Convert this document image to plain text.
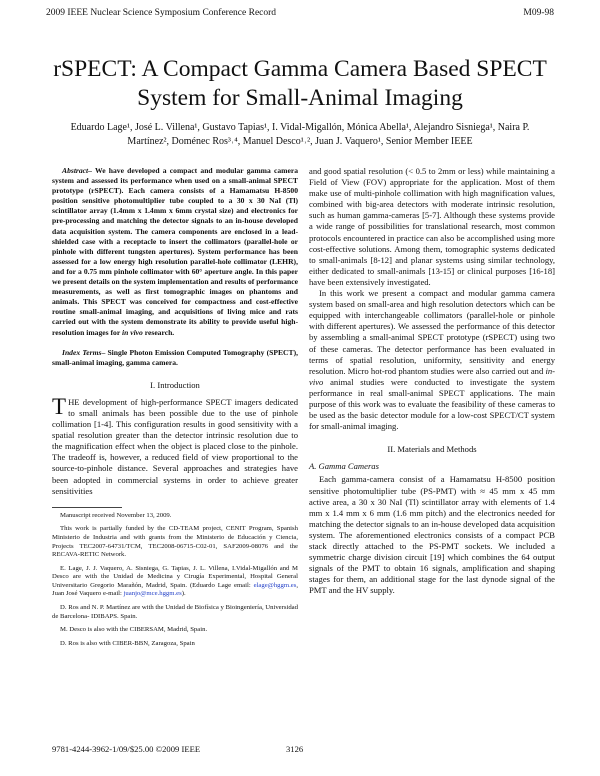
2009 IEEE Nuclear Science Symposium Conference Record	M09-98
rSPECT: A Compact Gamma Camera Based SPECT
System for Small-Animal Imaging
Eduardo Lage¹, José L. Villena¹, Gustavo Tapias¹, I. Vidal-Migallón, Mónica Abella¹, Alejandro Sisniega¹, Naira P.
Martínez², Doménec Ros³˒⁴, Manuel Desco¹˒², Juan J. Vaquero¹, Senior Member IEEE

Abstract– We have developed a compact and modular gamma camera system and assessed its performance when used on a small-animal SPECT prototype (rSPECT). Each camera consists of a Hamamatsu H-8500 position sensitive photomultiplier tube coupled to a 30 x 30 NaI (Tl) scintillator array (1.4mm x 1.4mm x 6mm crystal size) and electronics for pre-processing and matching the detector signals to an in-house developed data acquisition system. The camera components are enclosed in a lead-shielded case with a receptacle to insert the collimators (parallel-hole or pinhole with different tungsten apertures). System performance has been assessed for a low energy high resolution parallel-hole collimator (LEHR), and for a 0.75 mm pinhole collimator with 60° aperture angle. In this paper we present details on the system implementation and results of performance measurements, as well as first tomographic images on phantoms and animals. This SPECT was conceived for compactness and cost-effective routine small-animal imaging, and acquisitions of living mice and rats carried out with the system demonstrate its ability to provide useful high-resolution images for in vivo research.

Index Terms– Single Photon Emission Computed Tomography (SPECT), small-animal imaging, gamma camera.

I. Introduction

THE development of high-performance SPECT imagers dedicated to small animals has been possible due to the use of pinhole collimation [1-4]. This configuration results in good sensitivity with a spatial resolution greater than the detector intrinsic resolution due to the magnification effect when the object is placed close to the pinhole. The tradeoff is, however, a reduced field of view proportional to the source-to-pinhole distance. Several approaches and strategies have been adopted in commercial systems in order to achieve greater sensitivities

Manuscript received November 13, 2009.

This work is partially funded by the CD-TEAM project, CENIT Program, Spanish Ministerio de Industria and with grants from the Ministerio de Educación y Ciencia, Projects TEC2007-64731/TCM, TEC2008-06715-C02-01, SAF2009-08076 and the RECAVA-RETIC Network.

E. Lage, J. J. Vaquero, A. Sisniega, G. Tapias, J. L. Villena, I.Vidal-Migallón and M Desco are with the Unidad de Medicina y Cirugía Experimental, Hospital General Universitario Gregorio Marañón, Madrid, Spain. (Eduardo Lage email: elage@hggm.es, Juan José Vaquero e-mail: juanjo@mce.hggm.es).

D. Ros and N. P. Martínez are with the Unidad de Biofísica y Bioingeniería, Universidad de Barcelona- IDIBAPS. Spain.

M. Desco is also with the CIBERSAM, Madrid, Spain.

D. Ros is also with CIBER-BBN, Zaragoza, Spain

and good spatial resolution (< 0.5 to 2mm or less) while maintaining a Field of View (FOV) appropriate for the application. Most of them make use of multi-pinhole collimation with high magnification values, combined with big-area detectors with moderate intrinsic resolution, such as human gamma-cameras [5-7]. Although these systems provide a wide range of possibilities for translational research, most common protocols encountered in practice can also be accomplished using more cost-effective solutions. Among them, tomographic systems dedicated to small-animals [8-12] and planar systems using similar technology, either dedicated to small-animals [13-15] or clinical purposes [16-18] have been extensively investigated.

In this work we present a compact and modular gamma camera system based on small-area and high resolution detectors which can be equipped with interchangeable collimators (parallel-hole or pinhole with different apertures). We assessed the performance of this detector by assembling a small-animal SPECT prototype (rSPECT) using two of these cameras. The detector performance has been evaluated in terms of spatial resolution, uniformity, sensitivity and energy resolution. Micro hot-rod phantom studies were also carried out and in-vivo animal studies were conducted to investigate the system performance in real small-animal SPECT applications. The main purpose of this work was to evaluate the feasibility of these cameras to be used as the basic detector module for a low-cost SPECT/CT system for small-animal imaging.

II. Materials and Methods

A. Gamma Cameras

Each gamma-camera consist of a Hamamatsu H-8500 position sensitive photomultiplier tube (PS-PMT) with ≈ 45 mm x 45 mm active area, a 30 x 30 NaI (Tl) scintillator array with elements of 1.4 mm x 1.4 mm x 6 mm (1.6 mm pitch) and the electronics needed for matching the detector signals to an in-house developed data acquisition system. The aforementioned electronics consists of a compact PCB stack directly attached to the PS-PMT sockets. We included a symmetric charge division circuit [19] which combines the 64 output signals of the PMT to obtain 16 signals, amplification and shaping stages for them, an additional stage for the last dynode signal of the PMT and the HV supply.

9781-4244-3962-1/09/$25.00 ©2009 IEEE	3126
